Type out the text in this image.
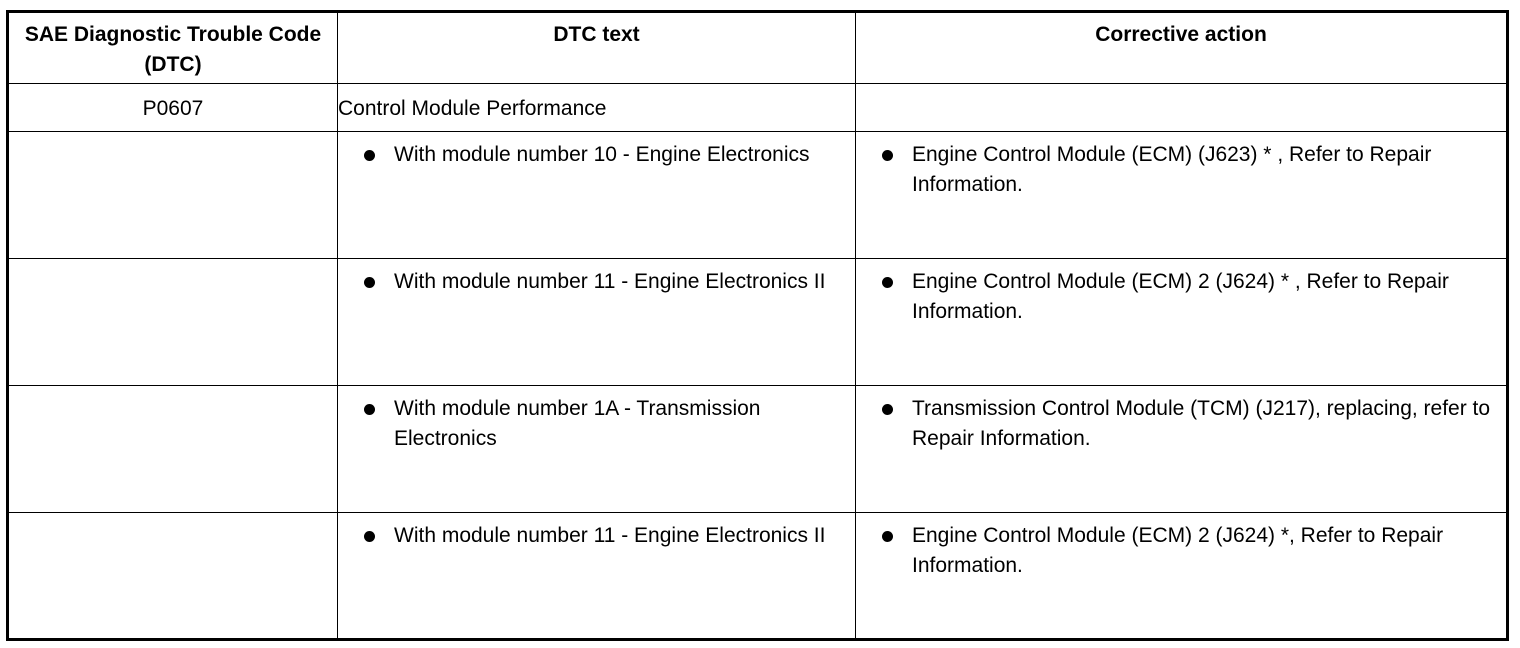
SAE Diagnostic Trouble Code (DTC)	DTC text	Corrective action
P0607	Control Module Performance	

	With module number 10 - Engine Electronics	Engine Control Module (ECM) (J623) * , Refer to Repair Information.

	With module number 11 - Engine Electronics II	Engine Control Module (ECM) 2 (J624) * , Refer to Repair Information.

	With module number 1A - Transmission Electronics	Transmission Control Module (TCM) (J217), replacing, refer to Repair Information.

	With module number 11 - Engine Electronics II	Engine Control Module (ECM) 2 (J624) *, Refer to Repair Information.
